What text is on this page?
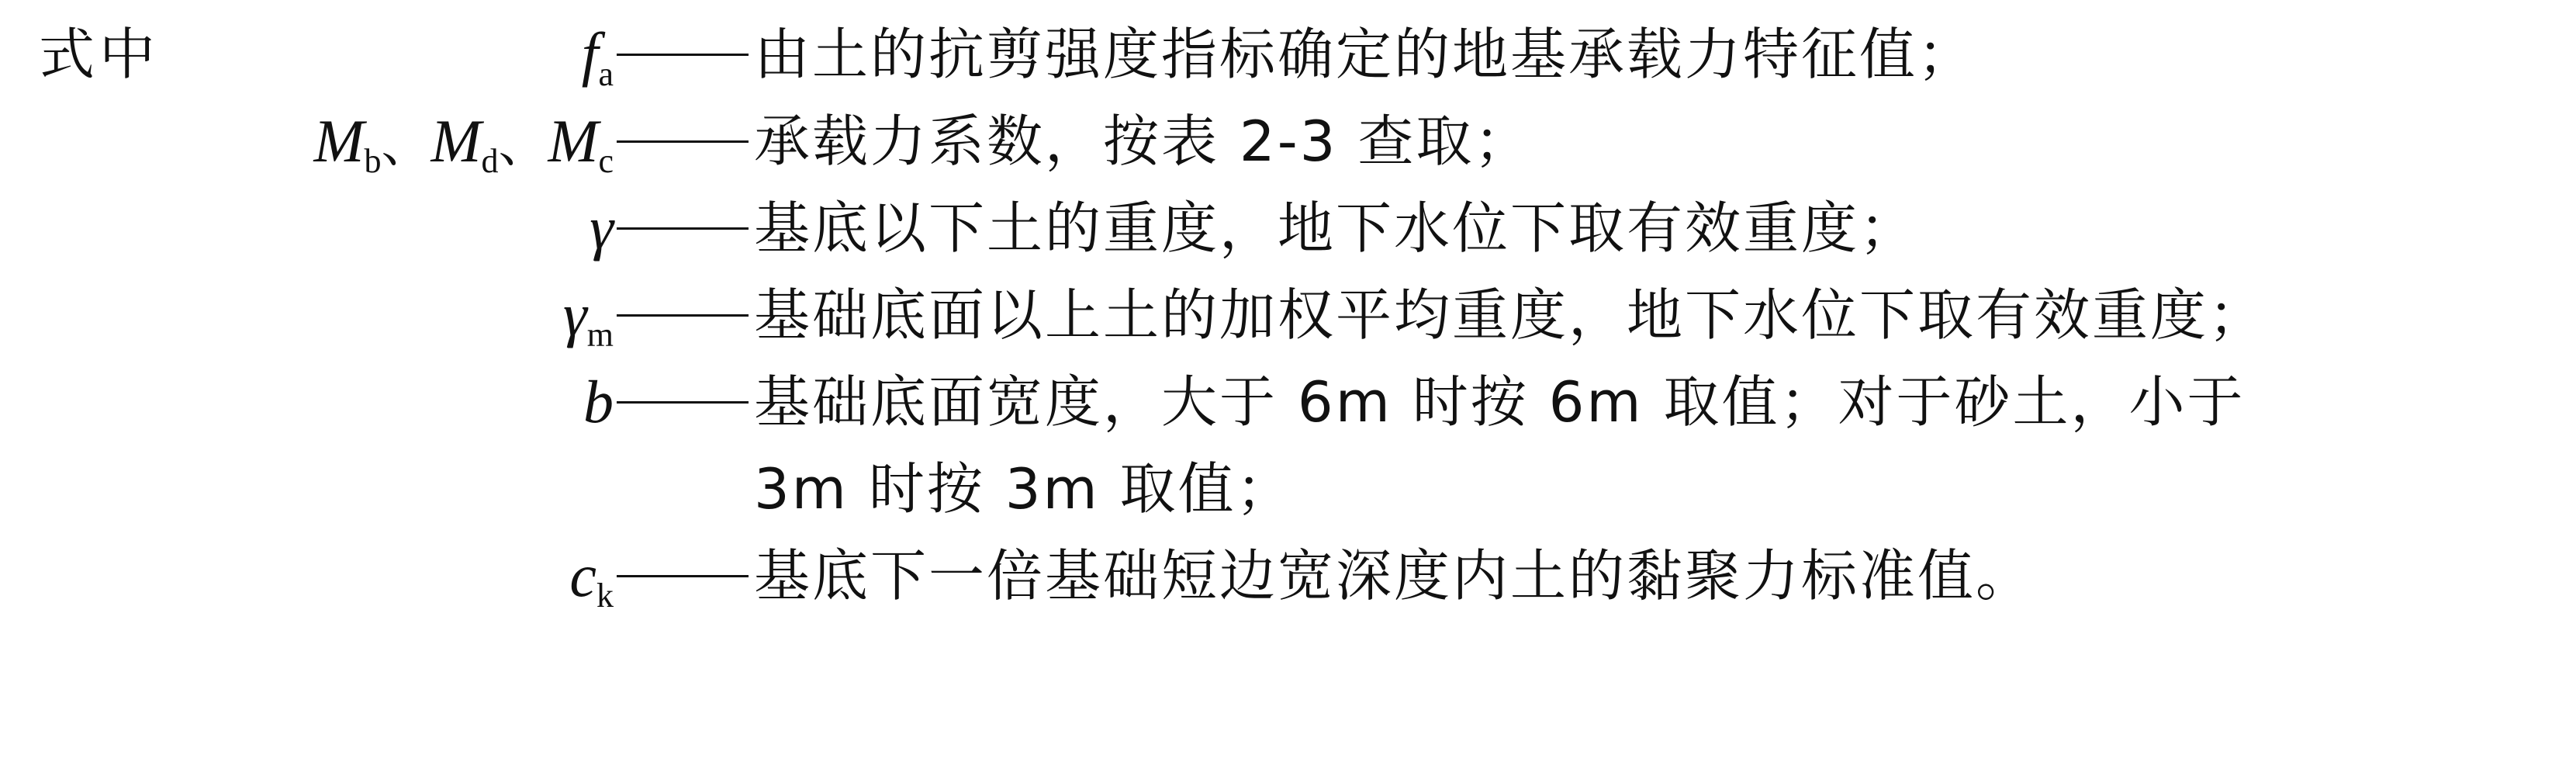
式中	$f_a$	由土的抗剪强度指标确定的地基承载力特征值；
$M_b$、$M_d$、$M_c$	承载力系数，按表 2-3 查取；
γ	基底以下土的重度，地下水位下取有效重度；
$\gamma_m$	基础底面以上土的加权平均重度，地下水位下取有效重度；
b	基础底面宽度，大于 6m 时按 6m 取值；对于砂土，小于
3m 时按 3m 取值；
$c_k$	基底下一倍基础短边宽深度内土的黏聚力标准值。
